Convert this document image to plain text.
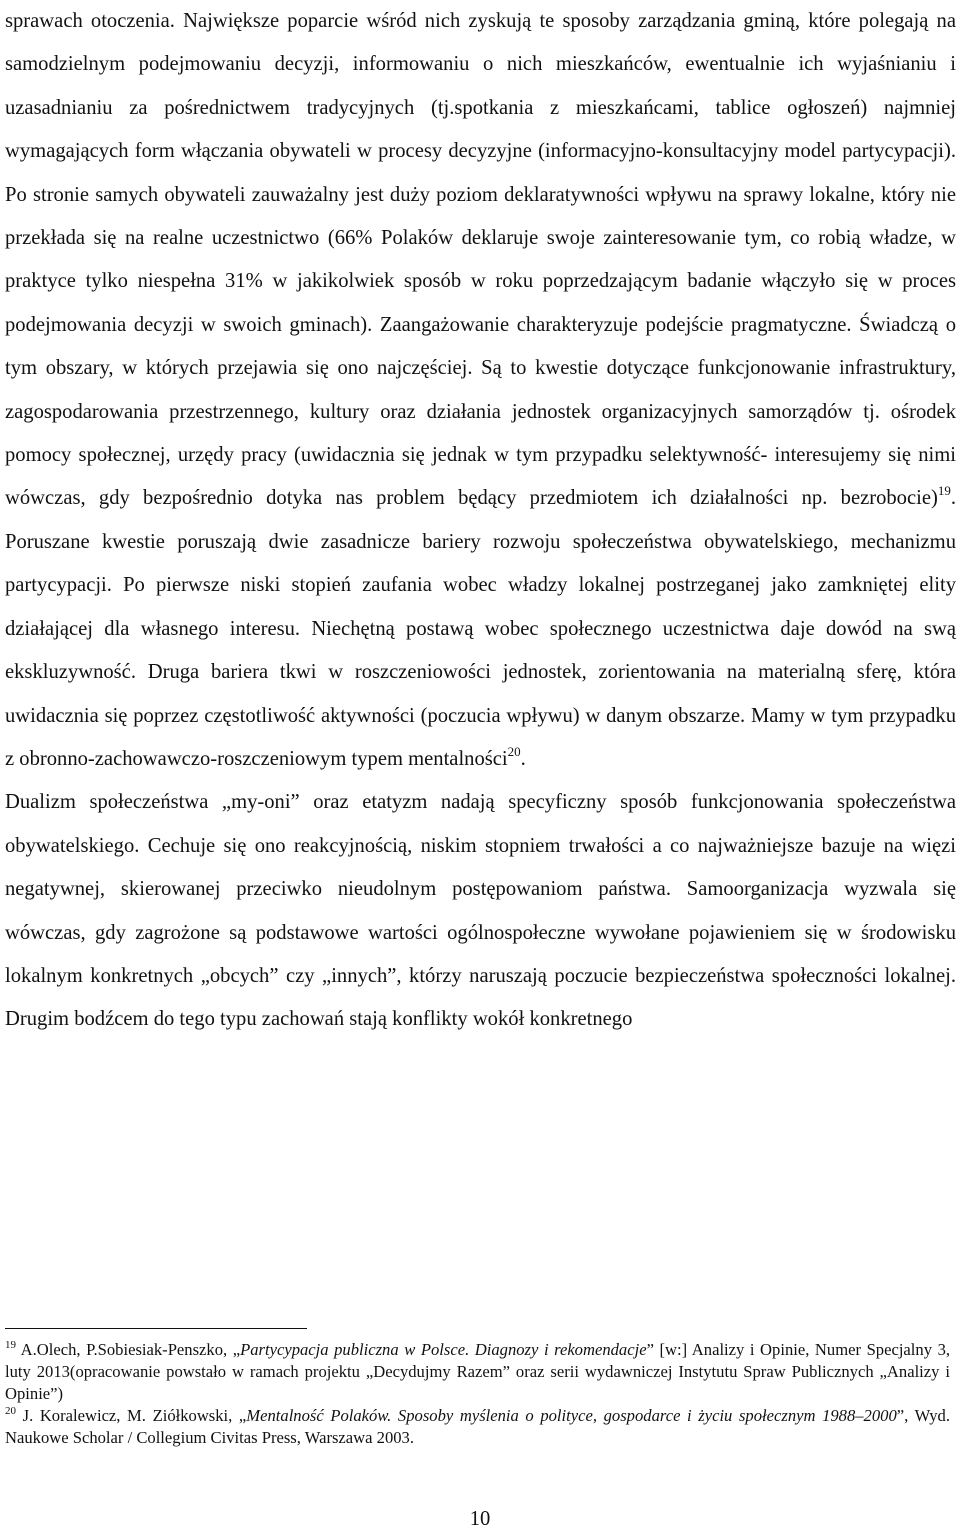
sprawach otoczenia. Największe poparcie wśród nich zyskują te sposoby zarządzania gminą, które polegają na samodzielnym podejmowaniu decyzji, informowaniu o nich mieszkańców, ewentualnie ich wyjaśnianiu i uzasadnianiu za pośrednictwem tradycyjnych (tj.spotkania z mieszkańcami, tablice ogłoszeń) najmniej wymagających form włączania obywateli w procesy decyzyjne (informacyjno-konsultacyjny model partycypacji). Po stronie samych obywateli zauważalny jest duży poziom deklaratywności wpływu na sprawy lokalne, który nie przekłada się na realne uczestnictwo (66% Polaków deklaruje swoje zainteresowanie tym, co robią władze, w praktyce tylko niespełna 31% w jakikolwiek sposób w roku poprzedzającym badanie włączyło się w proces podejmowania decyzji w swoich gminach). Zaangażowanie charakteryzuje podejście pragmatyczne. Świadczą o tym obszary, w których przejawia się ono najczęściej. Są to kwestie dotyczące funkcjonowanie infrastruktury, zagospodarowania przestrzennego, kultury oraz działania jednostek organizacyjnych samorządów tj. ośrodek pomocy społecznej, urzędy pracy (uwidacznia się jednak w tym przypadku selektywność- interesujemy się nimi wówczas, gdy bezpośrednio dotyka nas problem będący przedmiotem ich działalności np. bezrobocie)$^{19}$. Poruszane kwestie poruszają dwie zasadnicze bariery rozwoju społeczeństwa obywatelskiego, mechanizmu partycypacji. Po pierwsze niski stopień zaufania wobec władzy lokalnej postrzeganej jako zamkniętej elity działającej dla własnego interesu. Niechętną postawą wobec społecznego uczestnictwa daje dowód na swą ekskluzywność. Druga bariera tkwi w roszczeniowości jednostek, zorientowania na materialną sferę, która uwidacznia się poprzez częstotliwość aktywności (poczucia wpływu) w danym obszarze. Mamy w tym przypadku z obronno-zachowawczo-roszczeniowym typem mentalności$^{20}$.

Dualizm społeczeństwa „my-oni” oraz etatyzm nadają specyficzny sposób funkcjonowania społeczeństwa obywatelskiego. Cechuje się ono reakcyjnością, niskim stopniem trwałości a co najważniejsze bazuje na więzi negatywnej, skierowanej przeciwko nieudolnym postępowaniom państwa. Samoorganizacja wyzwala się wówczas, gdy zagrożone są podstawowe wartości ogólnospołeczne wywołane pojawieniem się w środowisku lokalnym konkretnych „obcych” czy „innych”, którzy naruszają poczucie bezpieczeństwa społeczności lokalnej. Drugim bodźcem do tego typu zachowań stają konflikty wokół konkretnego

$^{19}$ A.Olech, P.Sobiesiak-Penszko, „Partycypacja publiczna w Polsce. Diagnozy i rekomendacje” [w:] Analizy i Opinie, Numer Specjalny 3, luty 2013(opracowanie powstało w ramach projektu „Decydujmy Razem” oraz serii wydawniczej Instytutu Spraw Publicznych „Analizy i Opinie”)

$^{20}$ J. Koralewicz, M. Ziółkowski, „Mentalność Polaków. Sposoby myślenia o polityce, gospodarce i życiu społecznym 1988–2000”, Wyd. Naukowe Scholar / Collegium Civitas Press, Warszawa 2003.

10
